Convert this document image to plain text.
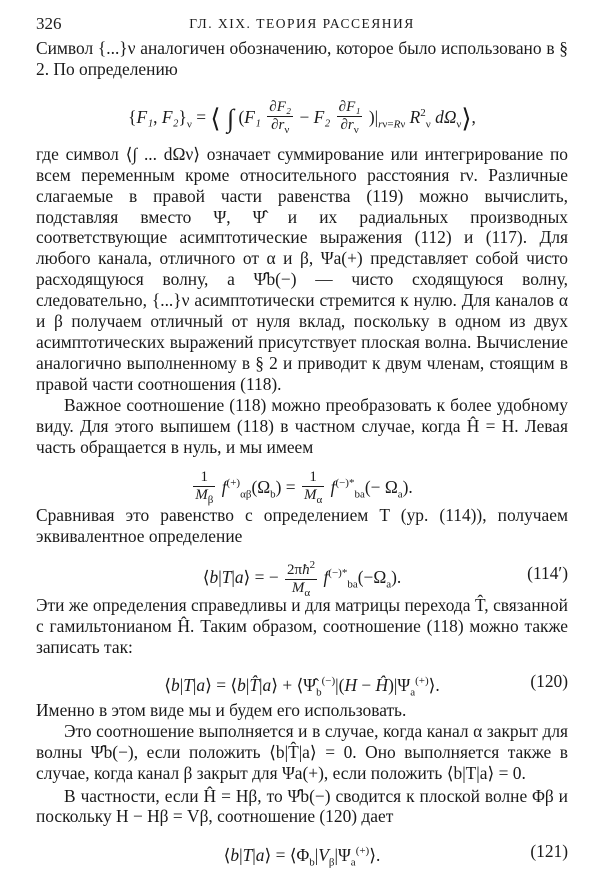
326	ГЛ. XIX. ТЕОРИЯ РАССЕЯНИЯ

Символ {...}ν аналогичен обозначению, которое было использовано в § 2. По определению

{F₁, $F_2\}_\nu$ = ⟨ ∫ $(F_1 \frac{\text{∂F₂}}{\partial r_\nu} - F_2 \frac{\text{∂F₁}}{\partial r_\nu} )|_{r\nu=R\nu}$ $R^2_\nu$ $d\Omega_\nu⟩$,

где символ ⟨∫ ... dΩν⟩ означает суммирование или интегрирование по всем переменным кроме относительного расстояния rν. Различные слагаемые в правой части равенства (119) можно вычислить, подставляя вместо Ψ, Ψ̂ и их радиальных производных соответствующие асимптотические выражения (112) и (117). Для любого канала, отличного от α и β, Ψa(+) представляет собой чисто расходящуюся волну, а Ψ̂b(−) — чисто сходящуюся волну, следовательно, {...}ν асимптотически стремится к нулю. Для каналов α и β получаем отличный от нуля вклад, поскольку в одном из двух асимптотических выражений присутствует плоская волна. Вычисление аналогично выполненному в § 2 и приводит к двум членам, стоящим в правой части соотношения (118).

Важное соотношение (118) можно преобразовать к более удобному виду. Для этого выпишем (118) в частном случае, когда Ĥ = H. Левая часть обращается в нуль, и мы имеем

$\frac{1}{M_\beta} f^{(+)}_{\alpha\beta}(\Omega_b) = \frac{1}{M_\alpha} f^{(-)*}_{ba}(- \Omega_a)$.

Сравнивая это равенство с определением T (ур. (114)), получаем эквивалентное определение

⟨b|T|a⟩ = − $\frac{2\pi ħ^2}{M_\alpha} f^{(-)*}_{ba}(-\Omega_a)$.	(114′)

Эти же определения справедливы и для матрицы перехода T̂, связанной с гамильтонианом Ĥ. Таким образом, соотношение (118) можно также записать так:

⟨b|T|a⟩ = ⟨b|T̂|a⟩ + $⟨\Psî_b^{(-)}|(H$ − $Ĥ)|\Psi_a^{(+)}⟩$.	(120)

Именно в этом виде мы и будем его использовать.

Это соотношение выполняется и в случае, когда канал α закрыт для волны Ψ̂b(−), если положить ⟨b|T̂|a⟩ = 0. Оно выполняется также в случае, когда канал β закрыт для Ψa(+), если положить ⟨b|T|a⟩ = 0.

В частности, если Ĥ = Hβ, то Ψ̂b(−) сводится к плоской волне Φβ и поскольку H − Hβ = Vβ, соотношение (120) дает

⟨b|T|a⟩ = $⟨\Phi_b|V_\beta|\Psi_a^{(+)}⟩$.	(121)
